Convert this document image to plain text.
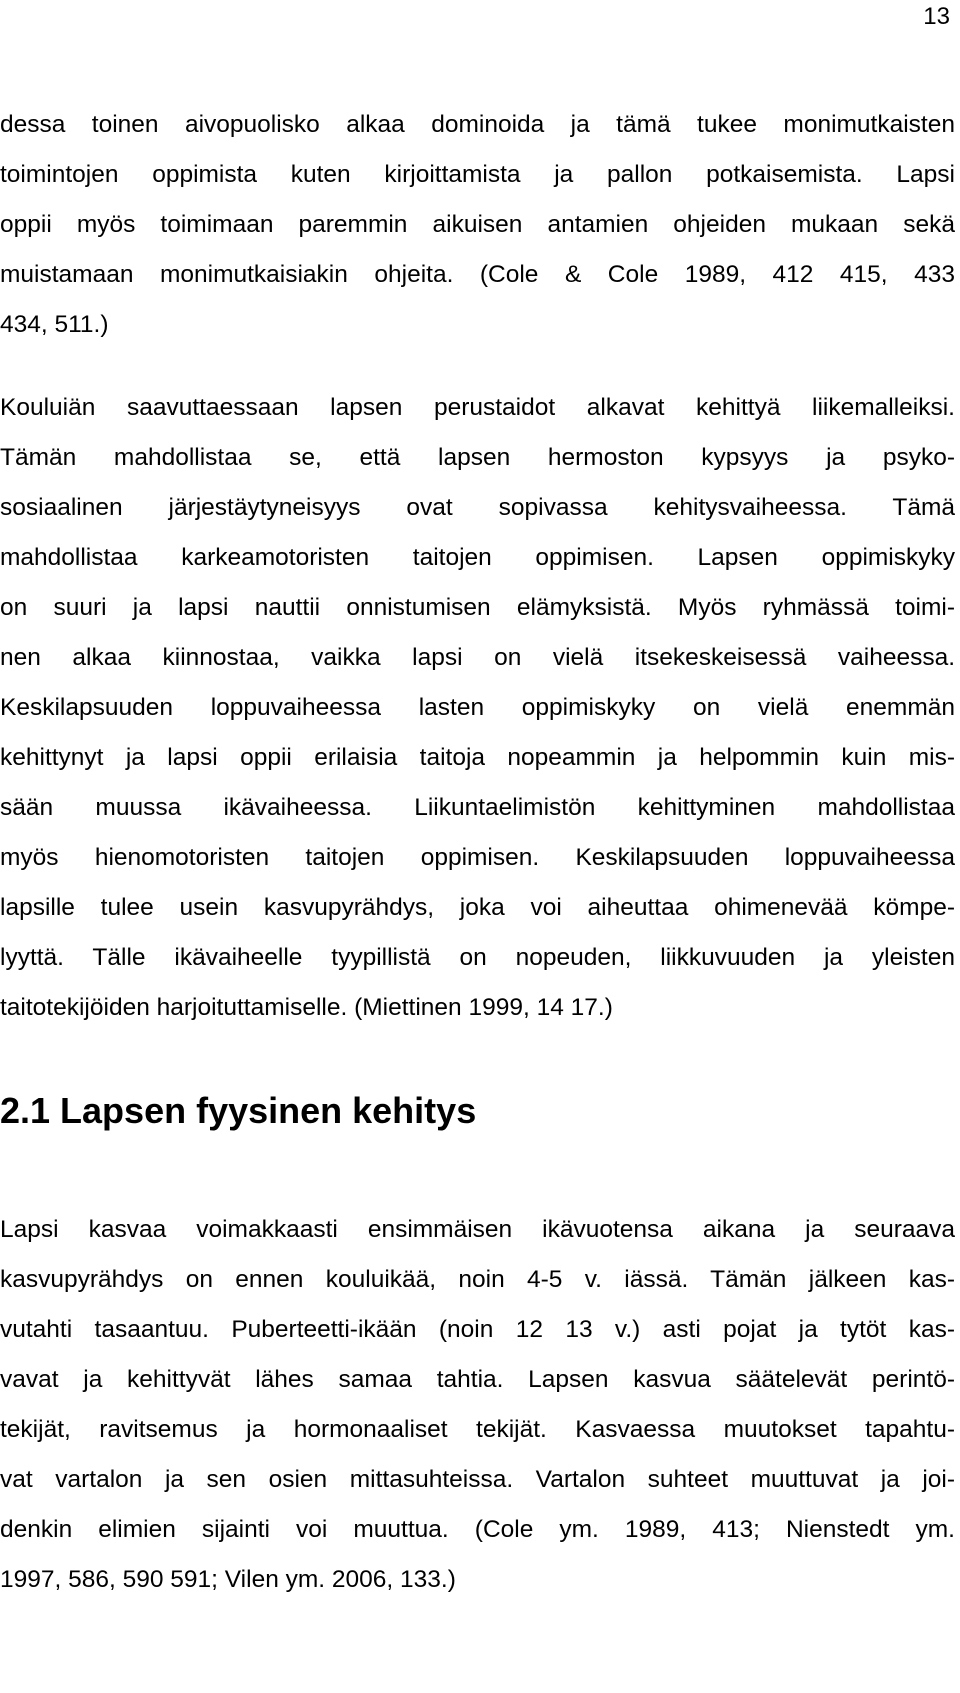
13
dessa toinen aivopuolisko alkaa dominoida ja tämä tukee monimutkaisten
toimintojen oppimista kuten kirjoittamista ja pallon potkaisemista. Lapsi
oppii myös toimimaan paremmin aikuisen antamien ohjeiden mukaan sekä
muistamaan monimutkaisiakin ohjeita. (Cole & Cole 1989, 412 415, 433
434, 511.)
Kouluiän saavuttaessaan lapsen perustaidot alkavat kehittyä liikemalleiksi.
Tämän mahdollistaa se, että lapsen hermoston kypsyys ja psyko-
sosiaalinen järjestäytyneisyys ovat sopivassa kehitysvaiheessa. Tämä
mahdollistaa karkeamotoristen taitojen oppimisen. Lapsen oppimiskyky
on suuri ja lapsi nauttii onnistumisen elämyksistä. Myös ryhmässä toimi-
nen alkaa kiinnostaa, vaikka lapsi on vielä itsekeskeisessä vaiheessa.
Keskilapsuuden loppuvaiheessa lasten oppimiskyky on vielä enemmän
kehittynyt ja lapsi oppii erilaisia taitoja nopeammin ja helpommin kuin mis-
sään muussa ikävaiheessa. Liikuntaelimistön kehittyminen mahdollistaa
myös hienomotoristen taitojen oppimisen. Keskilapsuuden loppuvaiheessa
lapsille tulee usein kasvupyrähdys, joka voi aiheuttaa ohimenevää kömpe-
lyyttä. Tälle ikävaiheelle tyypillistä on nopeuden, liikkuvuuden ja yleisten
taitotekijöiden harjoituttamiselle. (Miettinen 1999, 14 17.)
2.1 Lapsen fyysinen kehitys
Lapsi kasvaa voimakkaasti ensimmäisen ikävuotensa aikana ja seuraava
kasvupyrähdys on ennen kouluikää, noin 4-5 v. iässä. Tämän jälkeen kas-
vutahti tasaantuu. Puberteetti-ikään (noin 12 13 v.) asti pojat ja tytöt kas-
vavat ja kehittyvät lähes samaa tahtia. Lapsen kasvua säätelevät perintö-
tekijät, ravitsemus ja hormonaaliset tekijät. Kasvaessa muutokset tapahtu-
vat vartalon ja sen osien mittasuhteissa. Vartalon suhteet muuttuvat ja joi-
denkin elimien sijainti voi muuttua. (Cole ym. 1989, 413; Nienstedt ym.
1997, 586, 590 591; Vilen ym. 2006, 133.)
